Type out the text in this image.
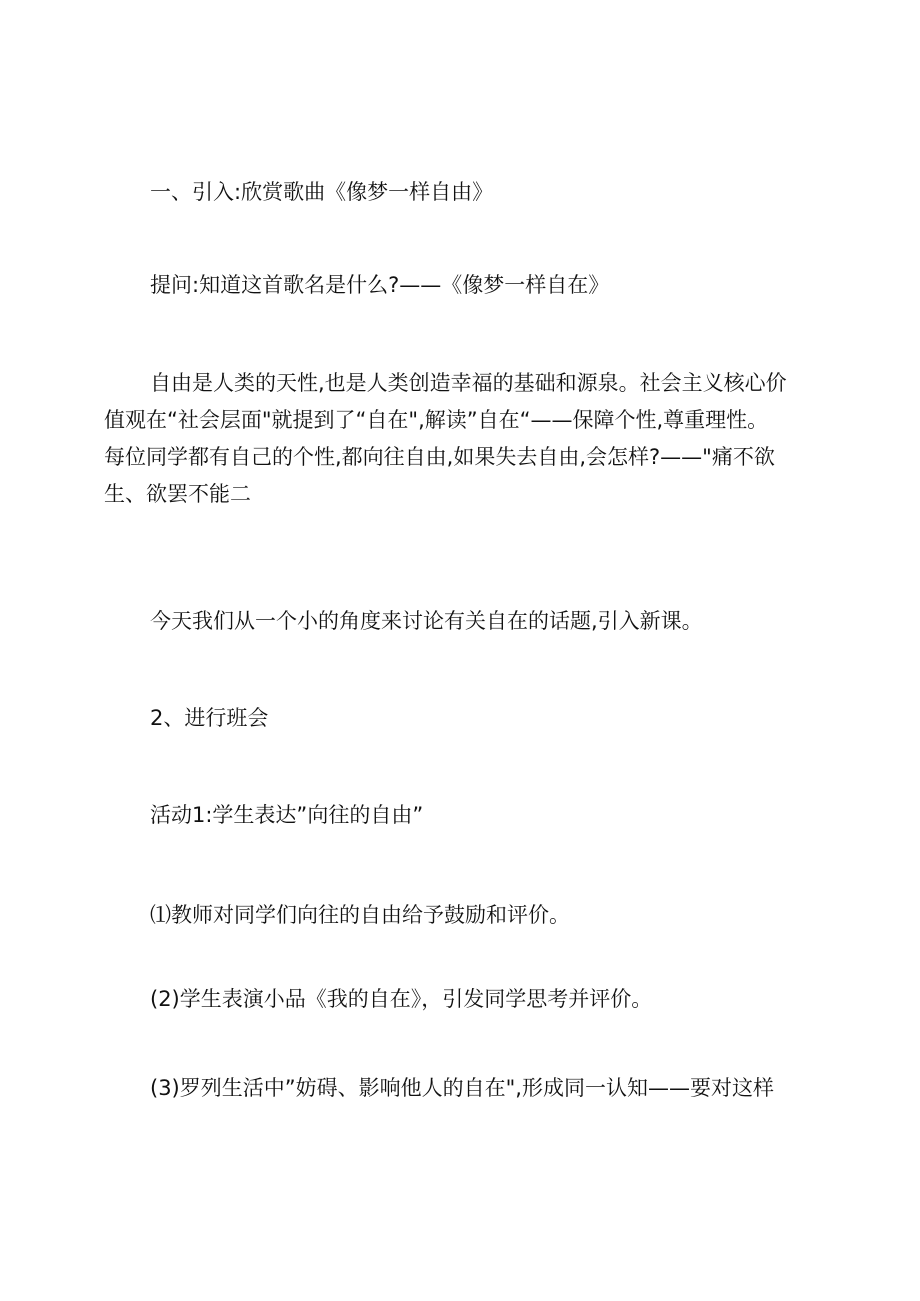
一、引入:欣赏歌曲《像梦一样自由》

提问:知道这首歌名是什么?——《像梦一样自在》

自由是人类的天性,也是人类创造幸福的基础和源泉。社会主义核心价
值观在“社会层面"就提到了“自在",解读”自在“——保障个性,尊重理性。
每位同学都有自己的个性,都向往自由,如果失去自由,会怎样?——"痛不欲
生、欲罢不能二

今天我们从一个小的角度来讨论有关自在的话题,引入新课。

2、进行班会

活动1:学生表达”向往的自由”

⑴教师对同学们向往的自由给予鼓励和评价。

(2)学生表演小品《我的自在》，引发同学思考并评价。

(3)罗列生活中”妨碍、影响他人的自在",形成同一认知——要对这样
